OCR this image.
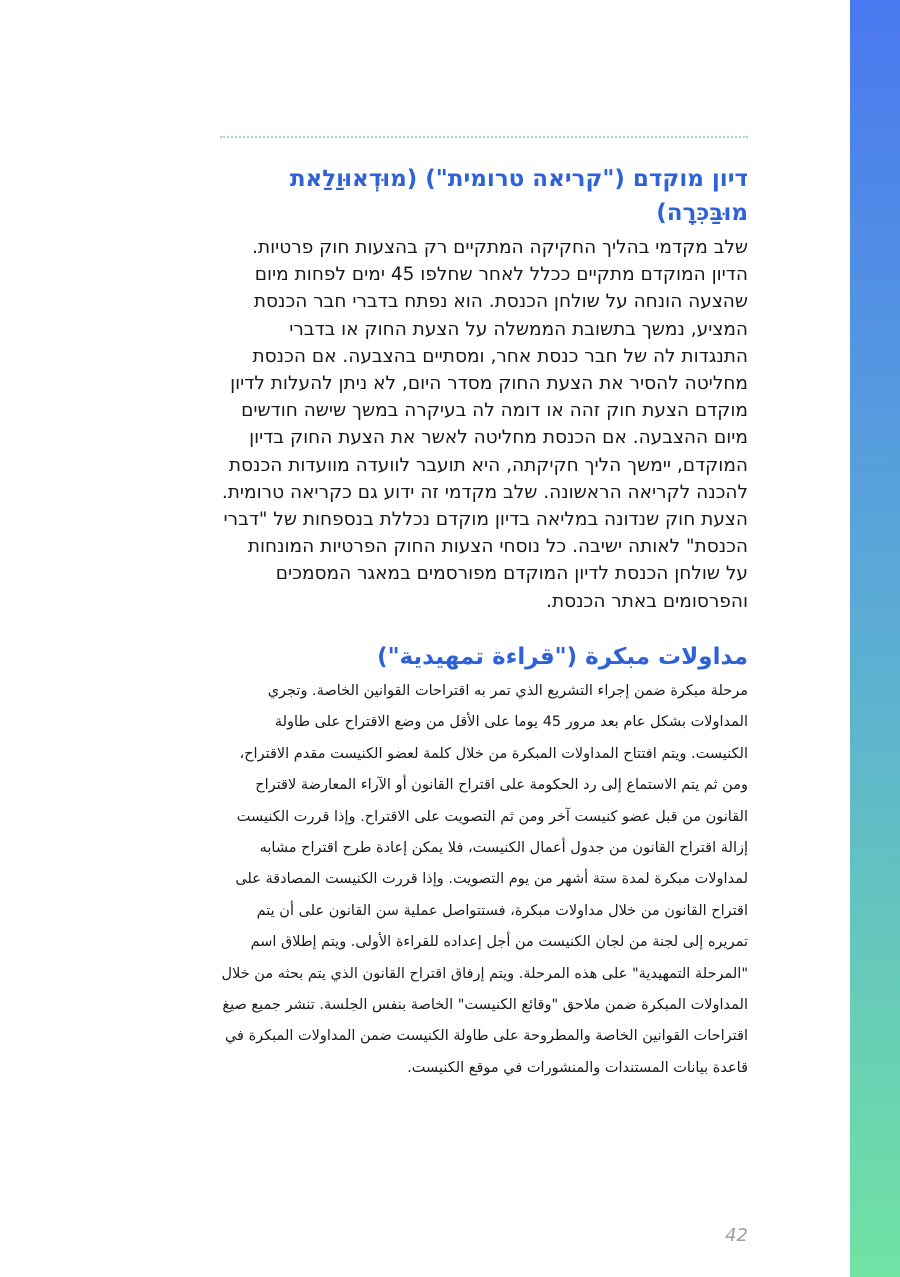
דיון מוקדם ("קריאה טרומית") (מוּדְאוּוַלַאת מוּבַּכִּרָה)

שלב מקדמי בהליך החקיקה המתקיים רק בהצעות חוק פרטיות. הדיון המוקדם מתקיים ככלל לאחר שחלפו 45 ימים לפחות מיום שהצעה הונחה על שולחן הכנסת. הוא נפתח בדברי חבר הכנסת המציע, נמשך בתשובת הממשלה על הצעת החוק או בדברי התנגדות לה של חבר כנסת אחר, ומסתיים בהצבעה. אם הכנסת מחליטה להסיר את הצעת החוק מסדר היום, לא ניתן להעלות לדיון מוקדם הצעת חוק זהה או דומה לה בעיקרה במשך שישה חודשים מיום ההצבעה. אם הכנסת מחליטה לאשר את הצעת החוק בדיון המוקדם, יימשך הליך חקיקתה, היא תועבר לוועדה מוועדות הכנסת להכנה לקריאה הראשונה. שלב מקדמי זה ידוע גם כקריאה טרומית. הצעת חוק שנדונה במליאה בדיון מוקדם נכללת בנספחות של "דברי הכנסת" לאותה ישיבה. כל נוסחי הצעות החוק הפרטיות המונחות על שולחן הכנסת לדיון המוקדם מפורסמים במאגר המסמכים והפרסומים באתר הכנסת.

مداولات مبكرة ("قراءة تمهيدية")

مرحلة مبكرة ضمن إجراء التشريع الذي تمر به اقتراحات القوانين الخاصة. وتجري المداولات بشكل عام بعد مرور 45 يوما على الأقل من وضع الاقتراح على طاولة الكنيست. ويتم افتتاح المداولات المبكرة من خلال كلمة لعضو الكنيست مقدم الاقتراح، ومن ثم يتم الاستماع إلى رد الحكومة على اقتراح القانون أو الآراء المعارضة لاقتراح القانون من قبل عضو كنيست آخر ومن ثم التصويت على الاقتراح. وإذا قررت الكنيست إزالة اقتراح القانون من جدول أعمال الكنيست، فلا يمكن إعادة طرح اقتراح مشابه لمداولات مبكرة لمدة ستة أشهر من يوم التصويت. وإذا قررت الكنيست المصادقة على اقتراح القانون من خلال مداولات مبكرة، فستتواصل عملية سن القانون على أن يتم تمريره إلى لجنة من لجان الكنيست من أجل إعداده للقراءة الأولى. ويتم إطلاق اسم "المرحلة التمهيدية" على هذه المرحلة. ويتم إرفاق اقتراح القانون الذي يتم بحثه من خلال المداولات المبكرة ضمن ملاحق "وقائع الكنيست" الخاصة بنفس الجلسة. تنشر جميع صيغ اقتراحات القوانين الخاصة والمطروحة على طاولة الكنيست ضمن المداولات المبكرة في قاعدة بيانات المستندات والمنشورات في موقع الكنيست.

42
